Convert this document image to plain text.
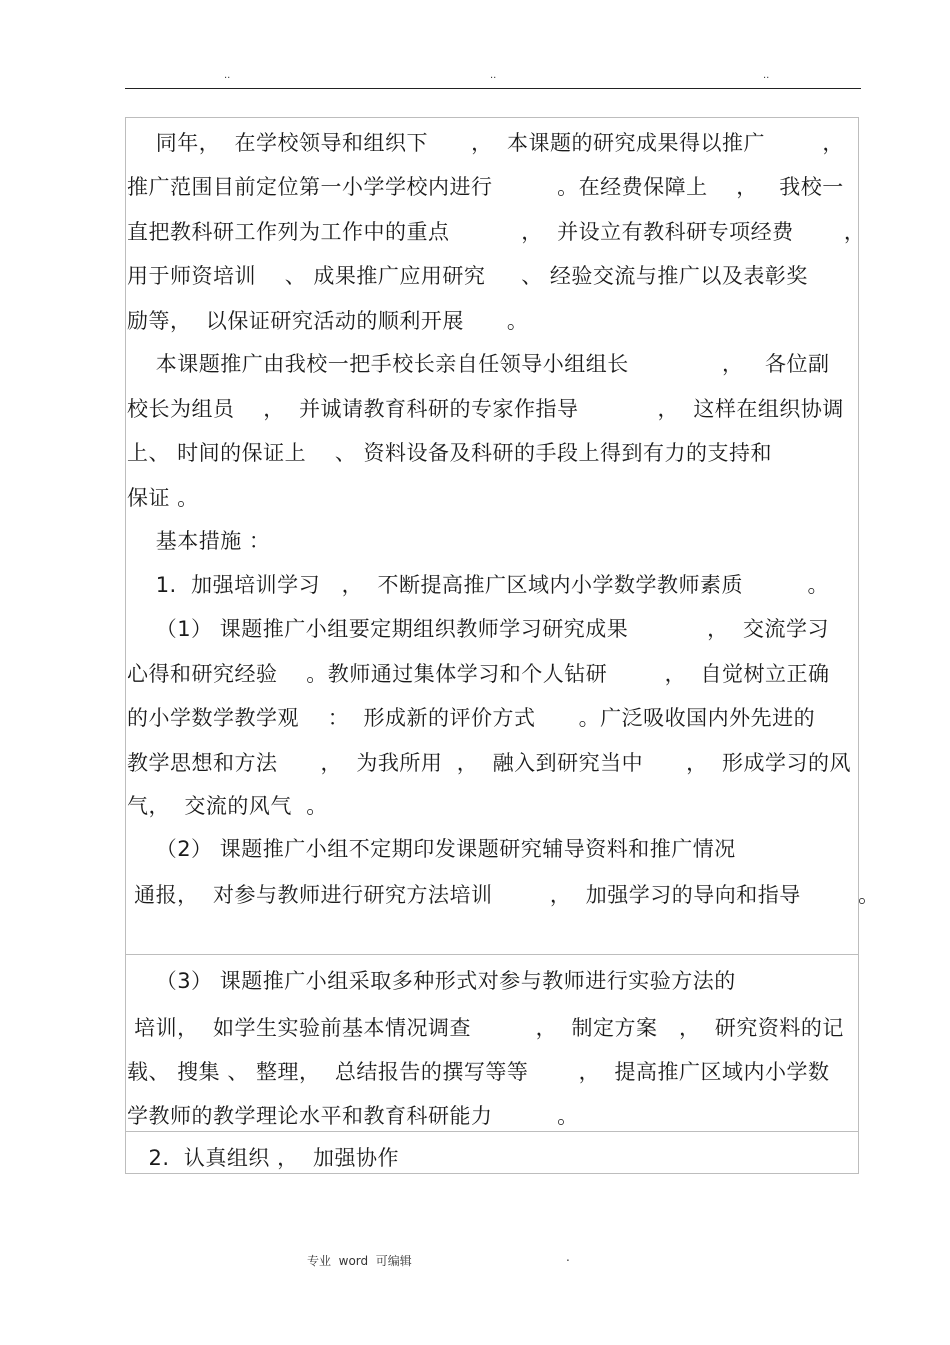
..	..	..
同年，  在学校领导和组织下      ，  本课题的研究成果得以推广        ，
推广范围目前定位第一小学学校内进行         。在经费保障上    ，   我校一
直把教科研工作列为工作中的重点          ，  并设立有教科研专项经费       ，
用于师资培训    、 成果推广应用研究     、 经验交流与推广以及表彰奖
励等，  以保证研究活动的顺利开展      。
本课题推广由我校一把手校长亲自任领导小组组长             ，   各位副
校长为组员    ，  并诚请教育科研的专家作指导           ，  这样在组织协调
上、 时间的保证上    、 资料设备及科研的手段上得到有力的支持和
保证 。
基本措施 ：
1.  加强培训学习   ，  不断提高推广区域内小学数学教师素质         。
（1） 课题推广小组要定期组织教师学习研究成果           ，  交流学习
心得和研究经验    。教师通过集体学习和个人钻研        ，  自觉树立正确
的小学数学教学观    ：  形成新的评价方式      。广泛吸收国内外先进的
教学思想和方法      ，  为我所用  ，  融入到研究当中      ，  形成学习的风
气，  交流的风气  。
（2） 课题推广小组不定期印发课题研究辅导资料和推广情况
通报，  对参与教师进行研究方法培训        ，  加强学习的导向和指导        。
（3） 课题推广小组采取多种形式对参与教师进行实验方法的
培训，  如学生实验前基本情况调查         ，  制定方案   ，  研究资料的记
载、 搜集 、 整理，  总结报告的撰写等等       ，  提高推广区域内小学数
学教师的教学理论水平和教育科研能力         。
2.  认真组织 ，  加强协作
专业  word  可编辑	.
